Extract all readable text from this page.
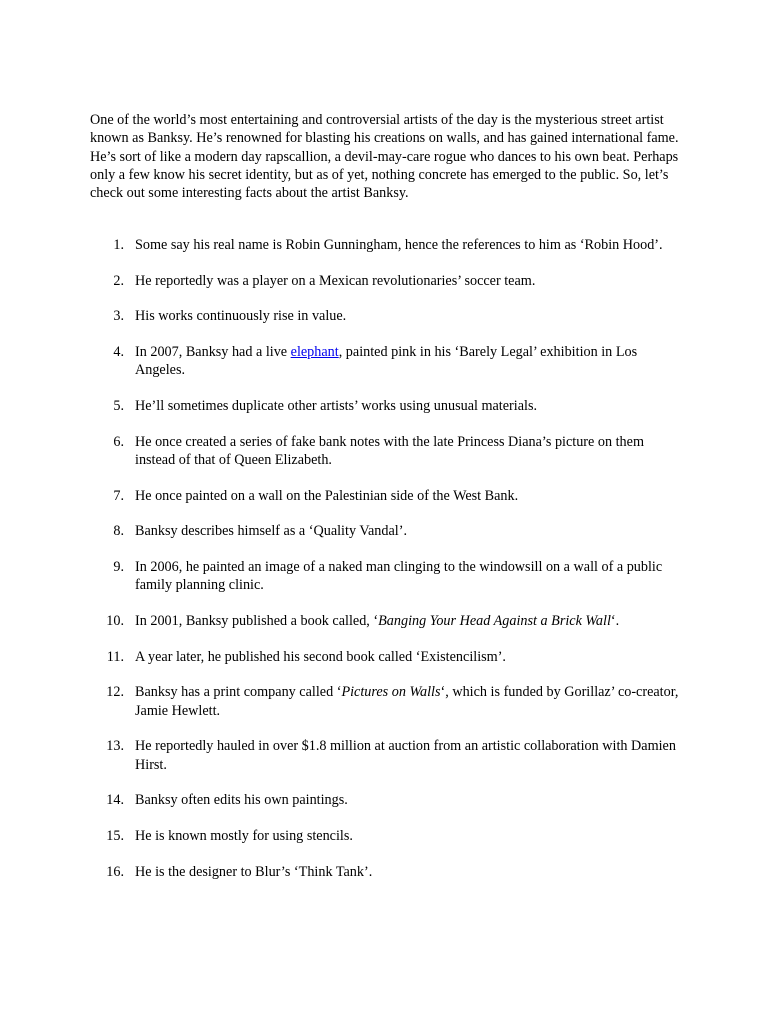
One of the world’s most entertaining and controversial artists of the day is the mysterious street artist known as Banksy. He’s renowned for blasting his creations on walls, and has gained international fame. He’s sort of like a modern day rapscallion, a devil-may-care rogue who dances to his own beat. Perhaps only a few know his secret identity, but as of yet, nothing concrete has emerged to the public. So, let’s check out some interesting facts about the artist Banksy.

1. Some say his real name is Robin Gunningham, hence the references to him as ‘Robin Hood’.
2. He reportedly was a player on a Mexican revolutionaries’ soccer team.
3. His works continuously rise in value.
4. In 2007, Banksy had a live elephant, painted pink in his ‘Barely Legal’ exhibition in Los Angeles.
5. He’ll sometimes duplicate other artists’ works using unusual materials.
6. He once created a series of fake bank notes with the late Princess Diana’s picture on them instead of that of Queen Elizabeth.
7. He once painted on a wall on the Palestinian side of the West Bank.
8. Banksy describes himself as a ‘Quality Vandal’.
9. In 2006, he painted an image of a naked man clinging to the windowsill on a wall of a public family planning clinic.
10. In 2001, Banksy published a book called, ‘Banging Your Head Against a Brick Wall‘.
11. A year later, he published his second book called ‘Existencilism’.
12. Banksy has a print company called ‘Pictures on Walls‘, which is funded by Gorillaz’ co-creator, Jamie Hewlett.
13. He reportedly hauled in over $1.8 million at auction from an artistic collaboration with Damien Hirst.
14. Banksy often edits his own paintings.
15. He is known mostly for using stencils.
16. He is the designer to Blur’s ‘Think Tank’.
